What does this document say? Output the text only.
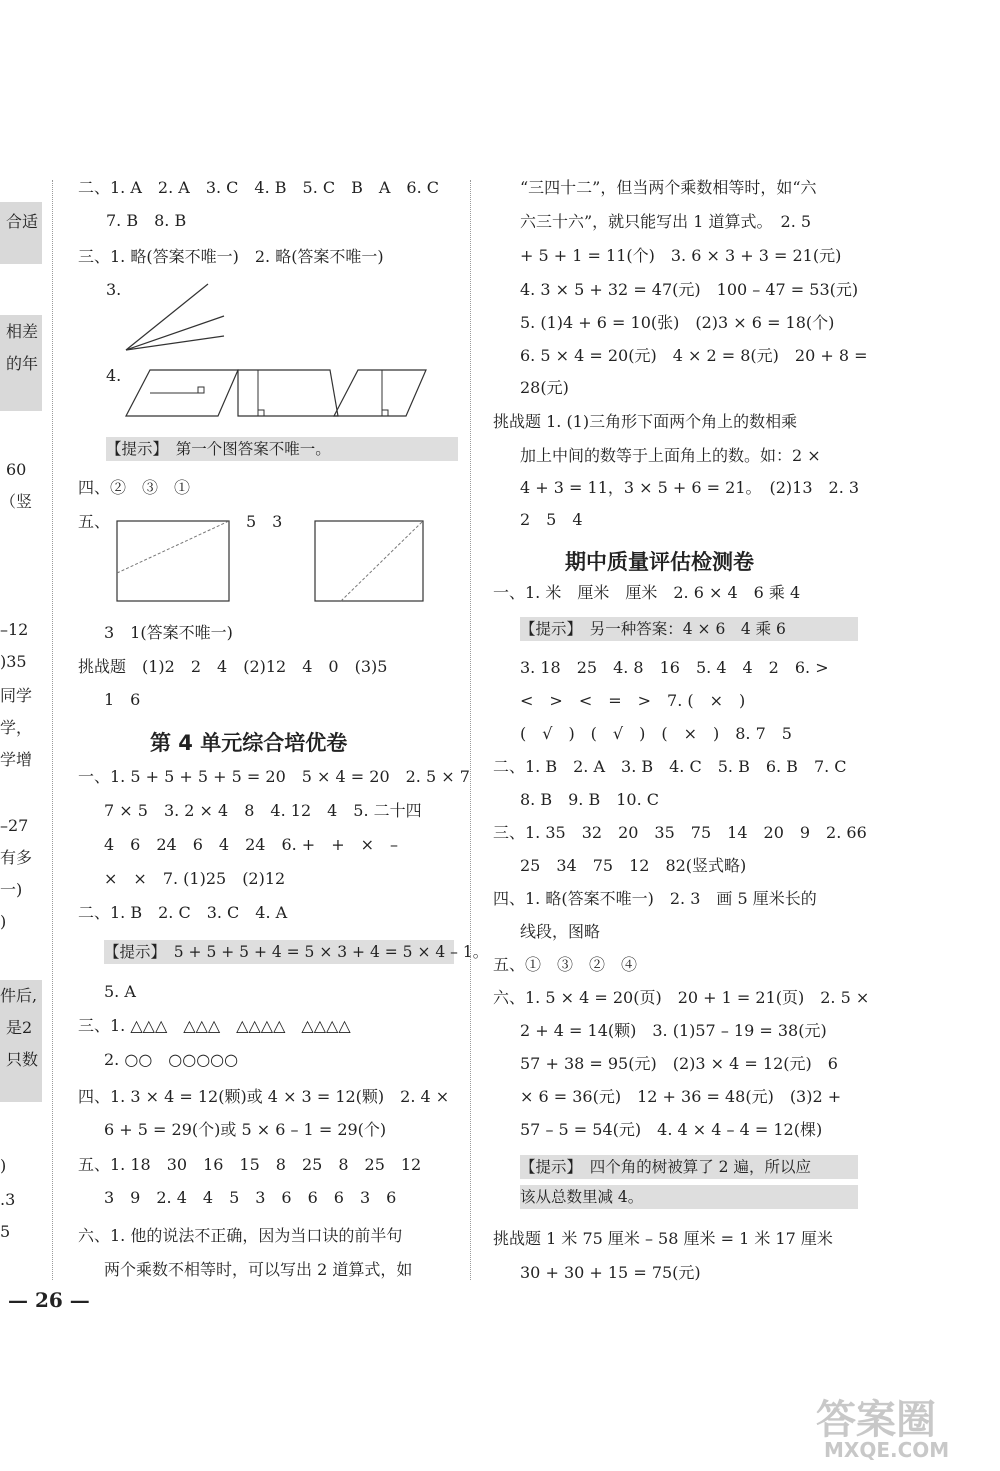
合适
相差
的年
60
（竖
–12
)35
同学
学，
学增
–27
有多
一)
)
件后,
是2
只数
)
.3
5
二、1. A　2. A　3. C　4. B　5. C　B　A　6. C
7. B　8. B
三、1. 略(答案不唯一)　2. 略(答案不唯一)
3.
4.
【提示】　第一个图答案不唯一。
四、②　③　①
五、	5　3
3　1(答案不唯一)
挑战题　(1)2　2　4　(2)12　4　0　(3)5
1　6
第 4 单元综合培优卷
一、1. 5 + 5 + 5 + 5 = 20　5 × 4 = 20　2. 5 × 7
7 × 5　3. 2 × 4　8　4. 12　4　5. 二十四
4　6　24　6　4　24　6. +　+　×　–
×　×　7. (1)25　(2)12
二、1. B　2. C　3. C　4. A
【提示】　5 + 5 + 5 + 4 = 5 × 3 + 4 = 5 × 4 – 1。
5. A
三、1. △△△　△△△　△△△△　△△△△
2. ○○　○○○○○
四、1. 3 × 4 = 12(颗)或 4 × 3 = 12(颗)　2. 4 ×
6 + 5 = 29(个)或 5 × 6 – 1 = 29(个)
五、1. 18　30　16　15　8　25　8　25　12
3　9　2. 4　4　5　3　6　6　6　3　6
六、1. 他的说法不正确，因为当口诀的前半句
两个乘数不相等时，可以写出 2 道算式，如
— 26 —
“三四十二”，但当两个乘数相等时，如“六
六三十六”，就只能写出 1 道算式。　2. 5
+ 5 + 1 = 11(个)　3. 6 × 3 + 3 = 21(元)
4. 3 × 5 + 32 = 47(元)　100 – 47 = 53(元)
5. (1)4 + 6 = 10(张)　(2)3 × 6 = 18(个)
6. 5 × 4 = 20(元)　4 × 2 = 8(元)　20 + 8 =
28(元)
挑战题 1. (1)三角形下面两个角上的数相乘
加上中间的数等于上面角上的数。如：2 ×
4 + 3 = 11，3 × 5 + 6 = 21。　(2)13　2. 3
2　5　4
期中质量评估检测卷
一、1. 米　厘米　厘米　2. 6 × 4　6 乘 4
【提示】　另一种答案：4 × 6　4 乘 6
3. 18　25　4. 8　16　5. 4　4　2　6. >
<　>　<　=　>　7. (　×　)
(　√　)　(　√　)　(　×　)　8. 7　5
二、1. B　2. A　3. B　4. C　5. B　6. B　7. C
8. B　9. B　10. C
三、1. 35　32　20　35　75　14　20　9　2. 66
25　34　75　12　82(竖式略)
四、1. 略(答案不唯一)　2. 3　画 5 厘米长的
线段，图略
五、①　③　②　④
六、1. 5 × 4 = 20(页)　20 + 1 = 21(页)　2. 5 ×
2 + 4 = 14(颗)　3. (1)57 – 19 = 38(元)
57 + 38 = 95(元)　(2)3 × 4 = 12(元)　6
× 6 = 36(元)　12 + 36 = 48(元)　(3)2 +
57 – 5 = 54(元)　4. 4 × 4 – 4 = 12(棵)
【提示】　四个角的树被算了 2 遍，所以应
该从总数里减 4。
挑战题 1 米 75 厘米 – 58 厘米 = 1 米 17 厘米
30 + 30 + 15 = 75(元)
答案圈
MXQE.COM
